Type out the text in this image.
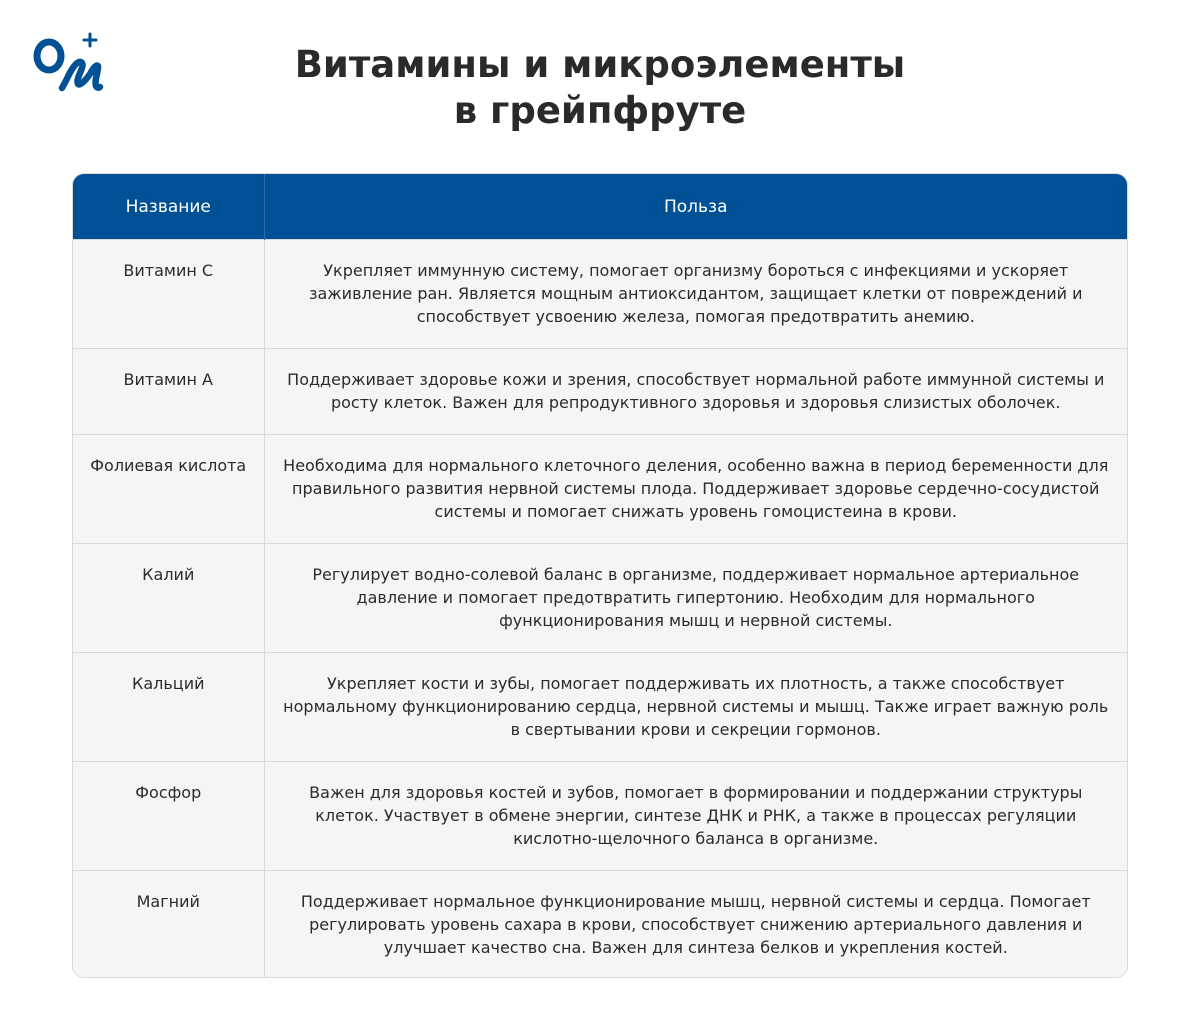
Витамины и микроэлементы
в грейпфруте
Название	Польза
Витамин С	Укрепляет иммунную систему, помогает организму бороться с инфекциями и ускоряет заживление ран. Является мощным антиоксидантом, защищает клетки от повреждений и способствует усвоению железа, помогая предотвратить анемию.
Витамин А	Поддерживает здоровье кожи и зрения, способствует нормальной работе иммунной системы и росту клеток. Важен для репродуктивного здоровья и здоровья слизистых оболочек.
Фолиевая кислота	Необходима для нормального клеточного деления, особенно важна в период беременности для правильного развития нервной системы плода. Поддерживает здоровье сердечно-сосудистой системы и помогает снижать уровень гомоцистеина в крови.
Калий	Регулирует водно-солевой баланс в организме, поддерживает нормальное артериальное давление и помогает предотвратить гипертонию. Необходим для нормального функционирования мышц и нервной системы.
Кальций	Укрепляет кости и зубы, помогает поддерживать их плотность, а также способствует нормальному функционированию сердца, нервной системы и мышц. Также играет важную роль в свертывании крови и секреции гормонов.
Фосфор	Важен для здоровья костей и зубов, помогает в формировании и поддержании структуры клеток. Участвует в обмене энергии, синтезе ДНК и РНК, а также в процессах регуляции кислотно-щелочного баланса в организме.
Магний	Поддерживает нормальное функционирование мышц, нервной системы и сердца. Помогает регулировать уровень сахара в крови, способствует снижению артериального давления и улучшает качество сна. Важен для синтеза белков и укрепления костей.
